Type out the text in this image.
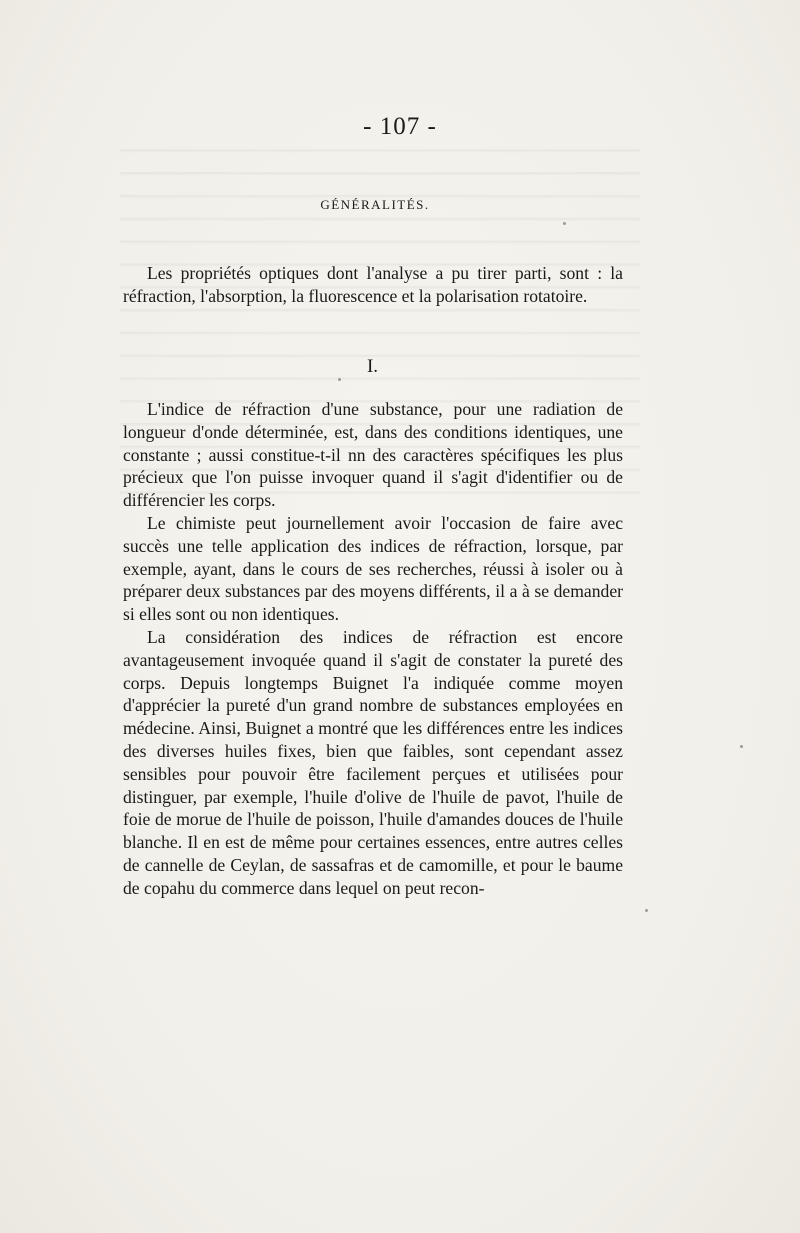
- 107 -
GÉNÉRALITÉS.

Les propriétés optiques dont l'analyse a pu tirer parti, sont : la réfraction, l'absorption, la fluorescence et la polarisation rotatoire.

I.

L'indice de réfraction d'une substance, pour une radiation de longueur d'onde déterminée, est, dans des conditions identiques, une constante ; aussi constitue-t-il nn des caractères spécifiques les plus précieux que l'on puisse invoquer quand il s'agit d'identifier ou de différencier les corps.

Le chimiste peut journellement avoir l'occasion de faire avec succès une telle application des indices de réfraction, lorsque, par exemple, ayant, dans le cours de ses recherches, réussi à isoler ou à préparer deux substances par des moyens différents, il a à se demander si elles sont ou non identiques.

La considération des indices de réfraction est encore avantageusement invoquée quand il s'agit de constater la pureté des corps. Depuis longtemps Buignet l'a indiquée comme moyen d'apprécier la pureté d'un grand nombre de substances employées en médecine. Ainsi, Buignet a montré que les différences entre les indices des diverses huiles fixes, bien que faibles, sont cependant assez sensibles pour pouvoir être facilement perçues et utilisées pour distinguer, par exemple, l'huile d'olive de l'huile de pavot, l'huile de foie de morue de l'huile de poisson, l'huile d'amandes douces de l'huile blanche. Il en est de même pour certaines essences, entre autres celles de cannelle de Ceylan, de sassafras et de camomille, et pour le baume de copahu du commerce dans lequel on peut recon-
